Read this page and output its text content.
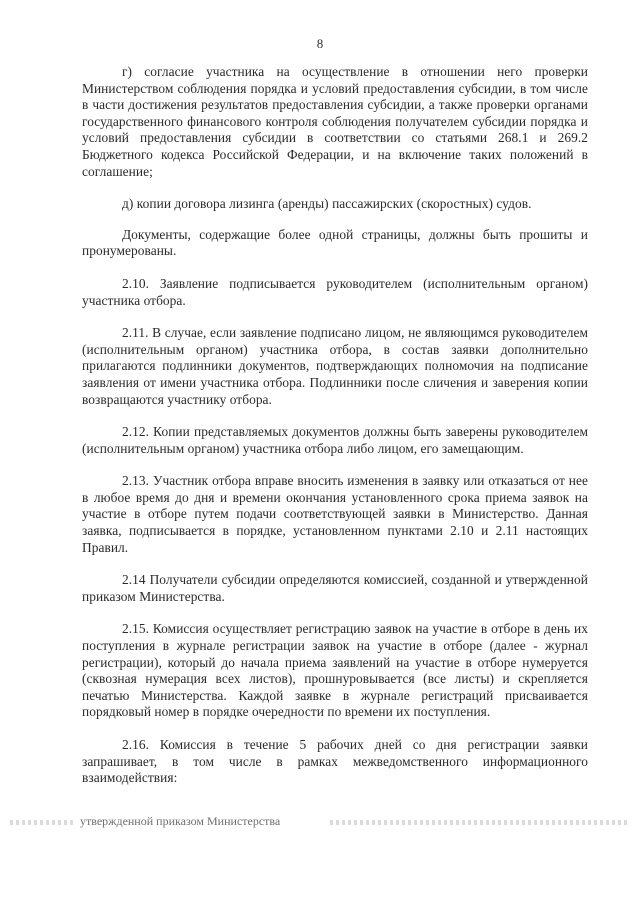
8

г) согласие участника на осуществление в отношении него проверки Министерством соблюдения порядка и условий предоставления субсидии, в том числе в части достижения результатов предоставления субсидии, а также проверки органами государственного финансового контроля соблюдения получателем субсидии порядка и условий предоставления субсидии в соответствии со статьями 268.1 и 269.2 Бюджетного кодекса Российской Федерации, и на включение таких положений в соглашение;

д) копии договора лизинга (аренды) пассажирских (скоростных) судов.

Документы, содержащие более одной страницы, должны быть прошиты и пронумерованы.

2.10. Заявление подписывается руководителем (исполнительным органом) участника отбора.

2.11. В случае, если заявление подписано лицом, не являющимся руководителем (исполнительным органом) участника отбора, в состав заявки дополнительно прилагаются подлинники документов, подтверждающих полномочия на подписание заявления от имени участника отбора. Подлинники после сличения и заверения копии возвращаются участнику отбора.

2.12. Копии представляемых документов должны быть заверены руководителем (исполнительным органом) участника отбора либо лицом, его замещающим.

2.13. Участник отбора вправе вносить изменения в заявку или отказаться от нее в любое время до дня и времени окончания установленного срока приема заявок на участие в отборе путем подачи соответствующей заявки в Министерство. Данная заявка, подписывается в порядке, установленном пунктами 2.10 и 2.11 настоящих Правил.

2.14 Получатели субсидии определяются комиссией, созданной и утвержденной приказом Министерства.

2.15. Комиссия осуществляет регистрацию заявок на участие в отборе в день их поступления в журнале регистрации заявок на участие в отборе (далее - журнал регистрации), который до начала приема заявлений на участие в отборе нумеруется (сквозная нумерация всех листов), прошнуровывается (все листы) и скрепляется печатью Министерства. Каждой заявке в журнале регистраций присваивается порядковый номер в порядке очередности по времени их поступления.

2.16. Комиссия в течение 5 рабочих дней со дня регистрации заявки запрашивает, в том числе в рамках межведомственного информационного взаимодействия:

утвержденной приказом Министерства
